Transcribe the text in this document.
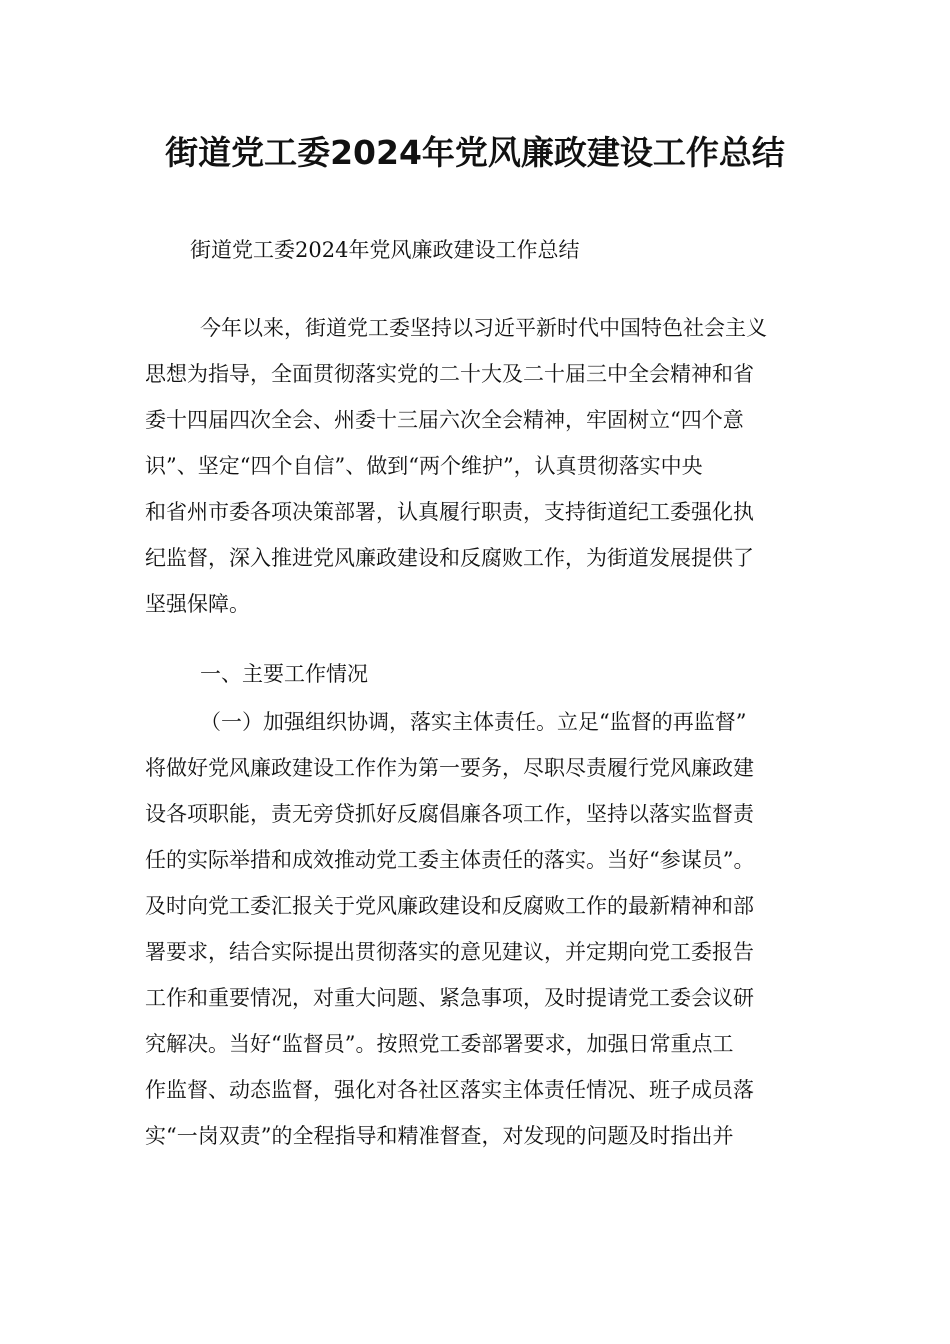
街道党工委2024年党风廉政建设工作总结

街道党工委2024年党风廉政建设工作总结

今年以来，街道党工委坚持以习近平新时代中国特色社会主义

思想为指导，全面贯彻落实党的二十大及二十届三中全会精神和省

委十四届四次全会、州委十三届六次全会精神，牢固树立“四个意

识”、坚定“四个自信”、做到“两个维护”，认真贯彻落实中央

和省州市委各项决策部署，认真履行职责，支持街道纪工委强化执

纪监督，深入推进党风廉政建设和反腐败工作，为街道发展提供了

坚强保障。

一、主要工作情况

（一）加强组织协调，落实主体责任。立足“监督的再监督”

将做好党风廉政建设工作作为第一要务，尽职尽责履行党风廉政建

设各项职能，责无旁贷抓好反腐倡廉各项工作，坚持以落实监督责

任的实际举措和成效推动党工委主体责任的落实。当好“参谋员”。

及时向党工委汇报关于党风廉政建设和反腐败工作的最新精神和部

署要求，结合实际提出贯彻落实的意见建议，并定期向党工委报告

工作和重要情况，对重大问题、紧急事项，及时提请党工委会议研

究解决。当好“监督员”。按照党工委部署要求，加强日常重点工

作监督、动态监督，强化对各社区落实主体责任情况、班子成员落

实“一岗双责”的全程指导和精准督查，对发现的问题及时指出并
